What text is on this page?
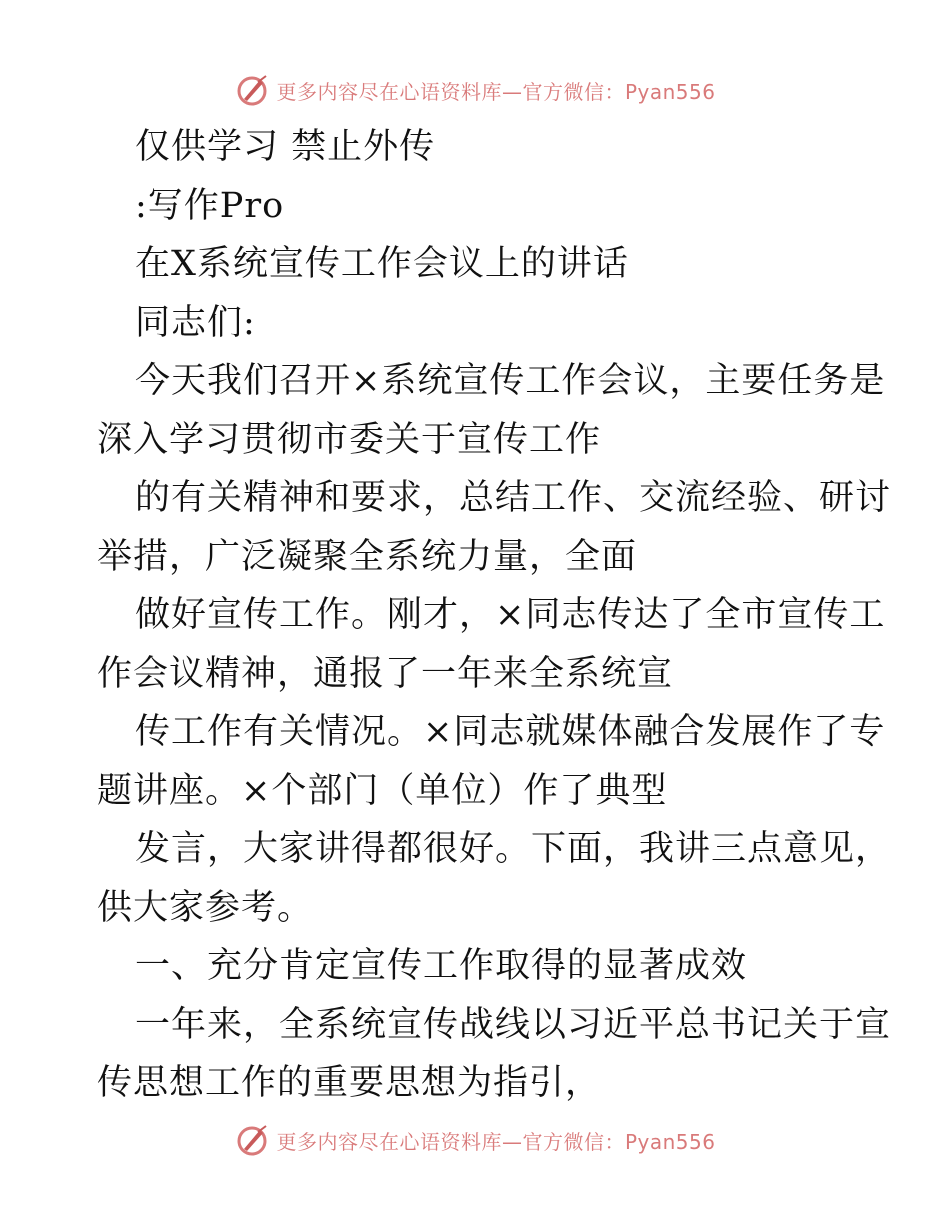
更多内容尽在心语资料库—官方微信：Pyan556
仅供学习 禁止外传
:写作Pro
在X系统宣传工作会议上的讲话
同志们:
今天我们召开×系统宣传工作会议，主要任务是
深入学习贯彻市委关于宣传工作
的有关精神和要求，总结工作、交流经验、研讨
举措，广泛凝聚全系统力量，全面
做好宣传工作。刚才，×同志传达了全市宣传工
作会议精神，通报了一年来全系统宣
传工作有关情况。×同志就媒体融合发展作了专
题讲座。×个部门（单位）作了典型
发言，大家讲得都很好。下面，我讲三点意见，
供大家参考。
一、充分肯定宣传工作取得的显著成效
一年来，全系统宣传战线以习近平总书记关于宣
传思想工作的重要思想为指引，
更多内容尽在心语资料库—官方微信：Pyan556
